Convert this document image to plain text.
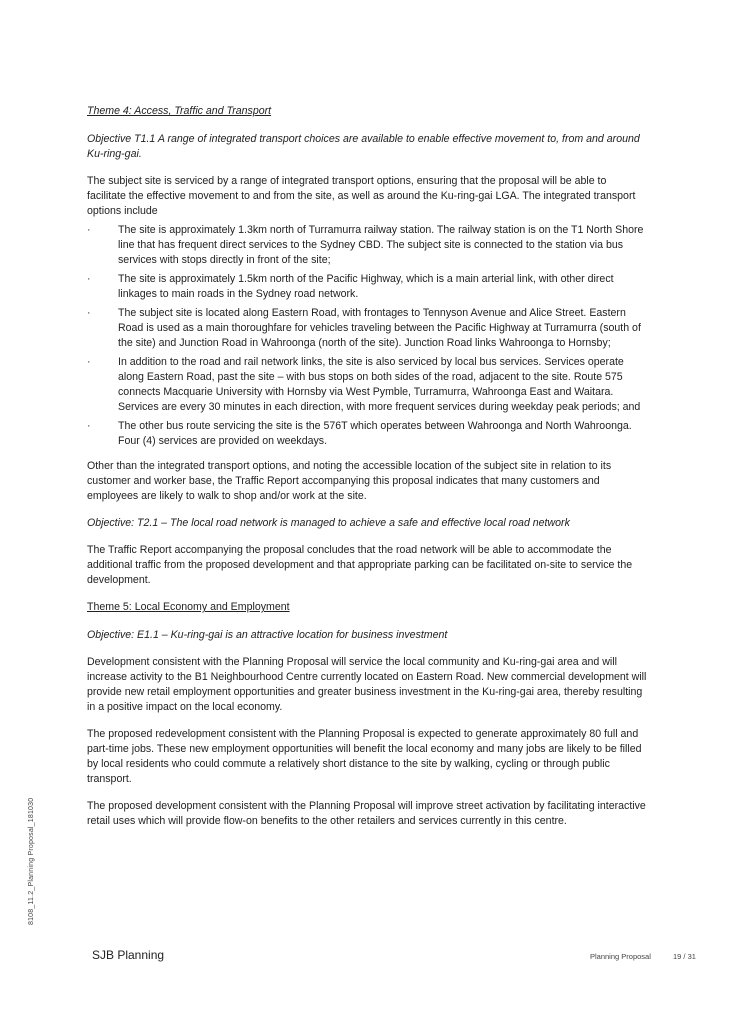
Theme 4: Access, Traffic and Transport
Objective T1.1 A range of integrated transport choices are available to enable effective movement to, from and around Ku-ring-gai.

The subject site is serviced by a range of integrated transport options, ensuring that the proposal will be able to facilitate the effective movement to and from the site, as well as around the Ku-ring-gai LGA. The integrated transport options include

·	The site is approximately 1.3km north of Turramurra railway station. The railway station is on the T1 North Shore line that has frequent direct services to the Sydney CBD. The subject site is connected to the station via bus services with stops directly in front of the site;
·	The site is approximately 1.5km north of the Pacific Highway, which is a main arterial link, with other direct linkages to main roads in the Sydney road network.
·	The subject site is located along Eastern Road, with frontages to Tennyson Avenue and Alice Street. Eastern Road is used as a main thoroughfare for vehicles traveling between the Pacific Highway at Turramurra (south of the site) and Junction Road in Wahroonga (north of the site). Junction Road links Wahroonga to Hornsby;
·	In addition to the road and rail network links, the site is also serviced by local bus services. Services operate along Eastern Road, past the site – with bus stops on both sides of the road, adjacent to the site. Route 575 connects Macquarie University with Hornsby via West Pymble, Turramurra, Wahroonga East and Waitara. Services are every 30 minutes in each direction, with more frequent services during weekday peak periods; and
·	The other bus route servicing the site is the 576T which operates between Wahroonga and North Wahroonga. Four (4) services are provided on weekdays.

Other than the integrated transport options, and noting the accessible location of the subject site in relation to its customer and worker base, the Traffic Report accompanying this proposal indicates that many customers and employees are likely to walk to shop and/or work at the site.

Objective: T2.1 – The local road network is managed to achieve a safe and effective local road network

The Traffic Report accompanying the proposal concludes that the road network will be able to accommodate the additional traffic from the proposed development and that appropriate parking can be facilitated on-site to service the development.

Theme 5: Local Economy and Employment
Objective: E1.1 – Ku-ring-gai is an attractive location for business investment

Development consistent with the Planning Proposal will service the local community and Ku-ring-gai area and will increase activity to the B1 Neighbourhood Centre currently located on Eastern Road. New commercial development will provide new retail employment opportunities and greater business investment in the Ku-ring-gai area, thereby resulting in a positive impact on the local economy.

The proposed redevelopment consistent with the Planning Proposal is expected to generate approximately 80 full and part-time jobs. These new employment opportunities will benefit the local economy and many jobs are likely to be filled by local residents who could commute a relatively short distance to the site by walking, cycling or through public transport.

The proposed development consistent with the Planning Proposal will improve street activation by facilitating interactive retail uses which will provide flow-on benefits to the other retailers and services currently in this centre.

8108_11.2_Planning Proposal_181030
SJB Planning	Planning Proposal	19 / 31
